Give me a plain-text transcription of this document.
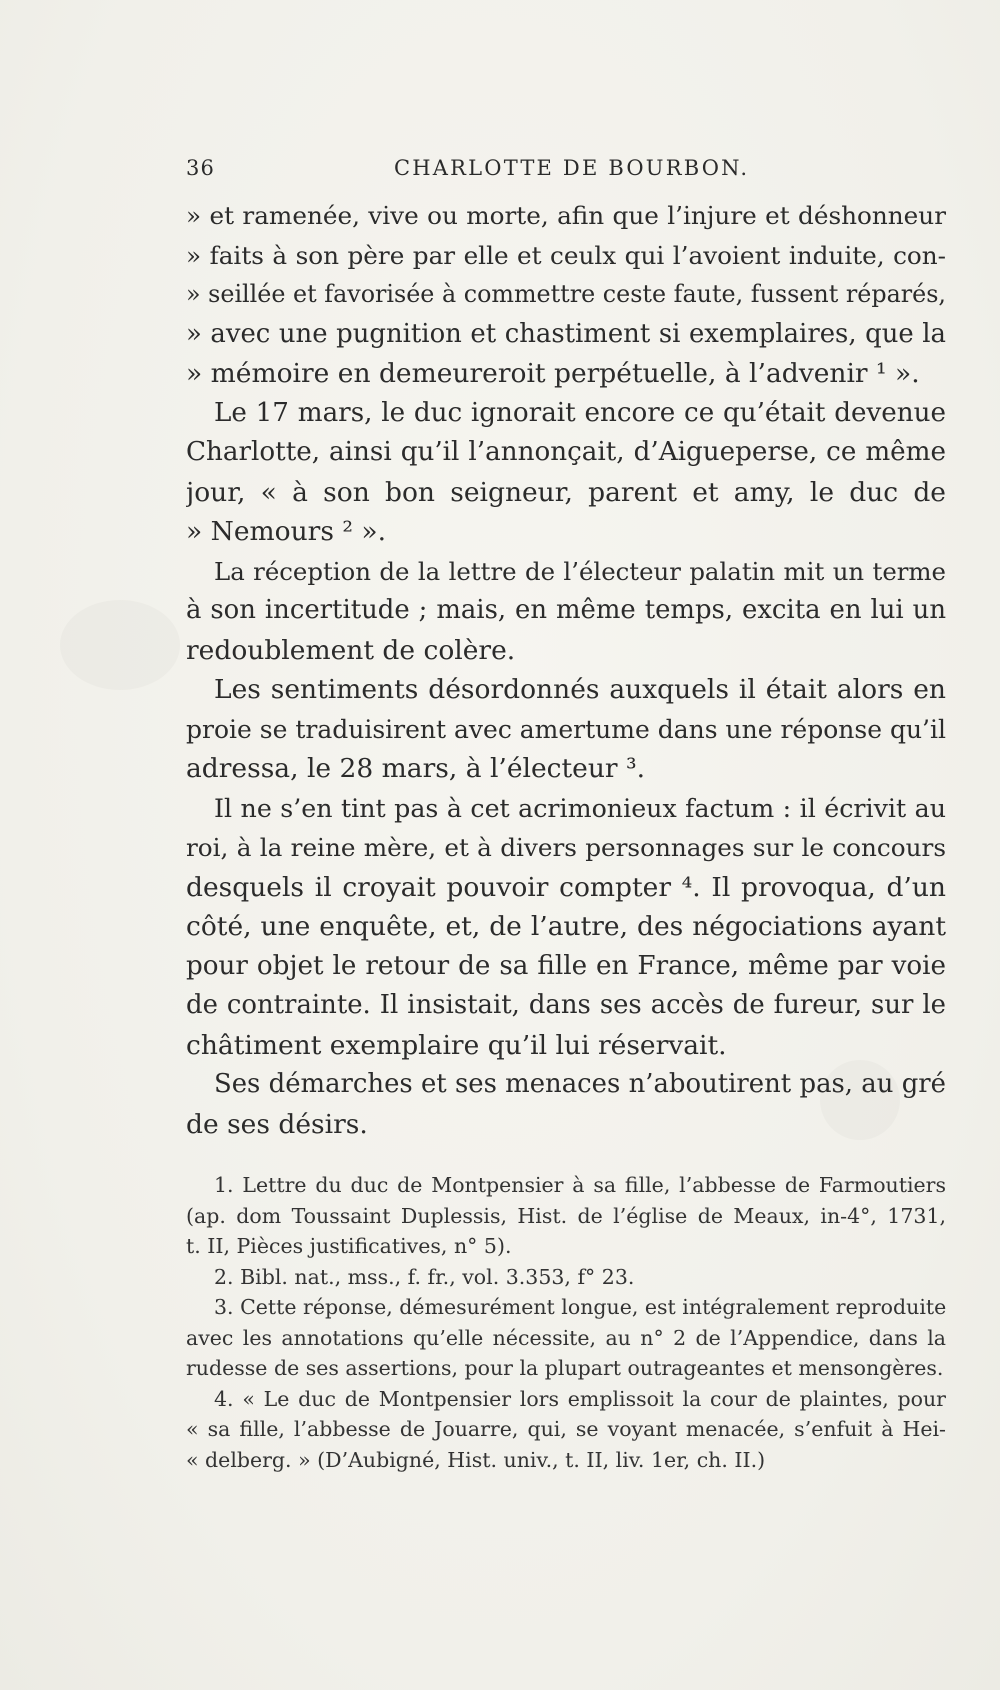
36	CHARLOTTE DE BOURBON.
» et ramenée, vive ou morte, afin que l’injure et déshonneur
» faits à son père par elle et ceulx qui l’avoient induite, con-
» seillée et favorisée à commettre ceste faute, fussent réparés,
» avec une pugnition et chastiment si exemplaires, que la
» mémoire en demeureroit perpétuelle, à l’advenir ¹ ».
Le 17 mars, le duc ignorait encore ce qu’était devenue
Charlotte, ainsi qu’il l’annonçait, d’Aigueperse, ce même
jour, « à son bon seigneur, parent et amy, le duc de
» Nemours ² ».
La réception de la lettre de l’électeur palatin mit un terme
à son incertitude ; mais, en même temps, excita en lui un
redoublement de colère.
Les sentiments désordonnés auxquels il était alors en
proie se traduisirent avec amertume dans une réponse qu’il
adressa, le 28 mars, à l’électeur ³.
Il ne s’en tint pas à cet acrimonieux factum : il écrivit au
roi, à la reine mère, et à divers personnages sur le concours
desquels il croyait pouvoir compter ⁴. Il provoqua, d’un
côté, une enquête, et, de l’autre, des négociations ayant
pour objet le retour de sa fille en France, même par voie
de contrainte. Il insistait, dans ses accès de fureur, sur le
châtiment exemplaire qu’il lui réservait.
Ses démarches et ses menaces n’aboutirent pas, au gré
de ses désirs.
1. Lettre du duc de Montpensier à sa fille, l’abbesse de Farmoutiers
(ap. dom Toussaint Duplessis, Hist. de l’église de Meaux, in-4°, 1731,
t. II, Pièces justificatives, n° 5).
2. Bibl. nat., mss., f. fr., vol. 3.353, f° 23.
3. Cette réponse, démesurément longue, est intégralement reproduite
avec les annotations qu’elle nécessite, au n° 2 de l’Appendice, dans la
rudesse de ses assertions, pour la plupart outrageantes et mensongères.
4. « Le duc de Montpensier lors emplissoit la cour de plaintes, pour
« sa fille, l’abbesse de Jouarre, qui, se voyant menacée, s’enfuit à Hei-
« delberg. » (D’Aubigné, Hist. univ., t. II, liv. 1er, ch. II.)
